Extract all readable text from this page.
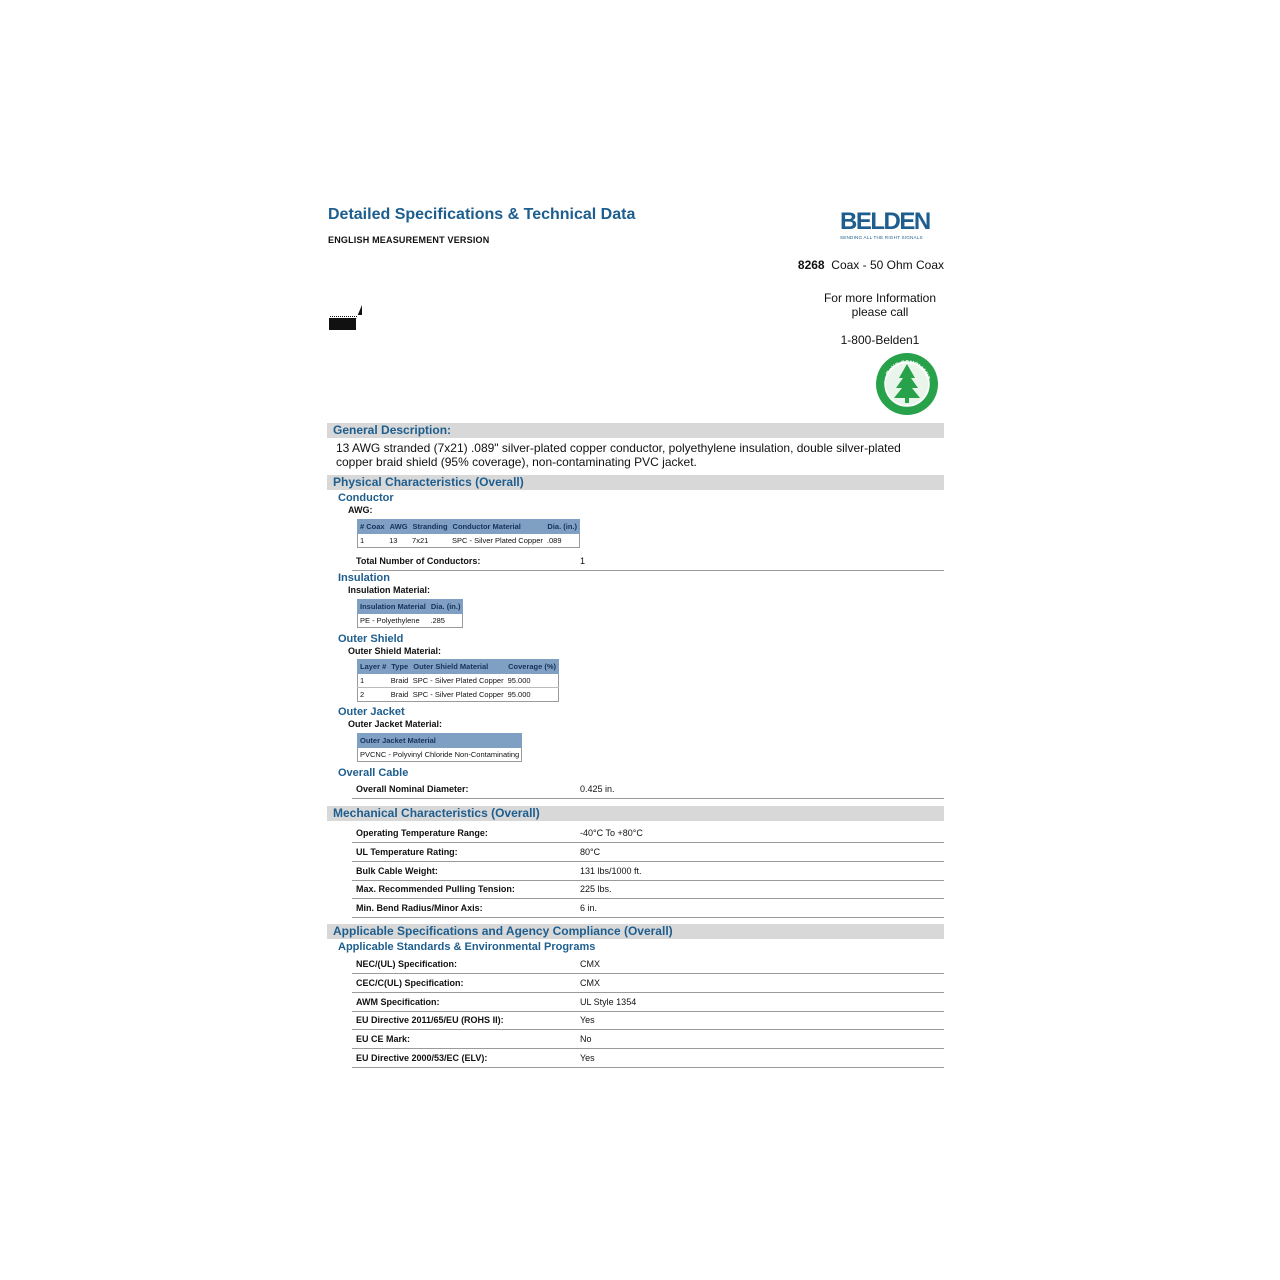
Detailed Specifications & Technical Data
ENGLISH MEASUREMENT VERSION
BELDEN
SENDING ALL THE RIGHT SIGNALS
8268 Coax - 50 Ohm Coax
For more Information
please call
1-800-Belden1
RoHS COMPLIANT
General Description:
13 AWG stranded (7x21) .089" silver-plated copper conductor, polyethylene insulation, double silver-plated
copper braid shield (95% coverage), non-contaminating PVC jacket.
Physical Characteristics (Overall)
Conductor
AWG:
# Coax	AWG	Stranding	Conductor Material	Dia. (in.)
1	13	7x21	SPC - Silver Plated Copper	.089
Total Number of Conductors:	1
Insulation
Insulation Material:
Insulation Material	Dia. (in.)
PE - Polyethylene	.285
Outer Shield
Outer Shield Material:
Layer #	Type	Outer Shield Material	Coverage (%)
1	Braid	SPC - Silver Plated Copper	95.000
2	Braid	SPC - Silver Plated Copper	95.000
Outer Jacket
Outer Jacket Material:
Outer Jacket Material
PVCNC - Polyvinyl Chloride Non-Contaminating
Overall Cable
Overall Nominal Diameter:	0.425 in.
Mechanical Characteristics (Overall)
Operating Temperature Range:	-40°C To +80°C
UL Temperature Rating:	80°C
Bulk Cable Weight:	131 lbs/1000 ft.
Max. Recommended Pulling Tension:	225 lbs.
Min. Bend Radius/Minor Axis:	6 in.
Applicable Specifications and Agency Compliance (Overall)
Applicable Standards & Environmental Programs
NEC/(UL) Specification:	CMX
CEC/C(UL) Specification:	CMX
AWM Specification:	UL Style 1354
EU Directive 2011/65/EU (ROHS II):	Yes
EU CE Mark:	No
EU Directive 2000/53/EC (ELV):	Yes
